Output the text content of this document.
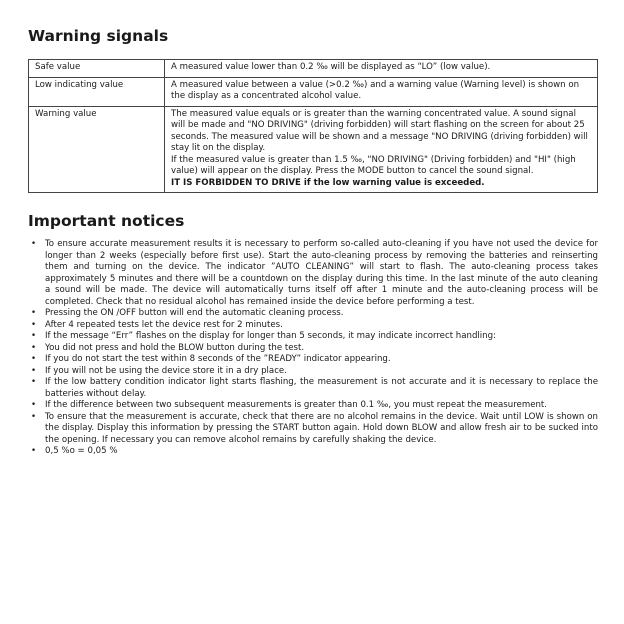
Warning signals
Safe value	A measured value lower than 0.2 ‰ will be displayed as “LO” (low value).

Low indicating value	A measured value between a value (>0.2 ‰) and a warning value (Warning level) is shown on the display as a concentrated alcohol value.

Warning value	The measured value equals or is greater than the warning concentrated value. A sound signal will be made and "NO DRIVING" (driving forbidden) will start flashing on the screen for about 25 seconds. The measured value will be shown and a message "NO DRIVING (driving forbidden) will stay lit on the display.
If the measured value is greater than 1.5 ‰, "NO DRIVING" (Driving forbidden) and "HI" (high value) will appear on the display. Press the MODE button to cancel the sound signal.
IT IS FORBIDDEN TO DRIVE if the low warning value is exceeded.
Important notices
• To ensure accurate measurement results it is necessary to perform so-called auto-cleaning if you have not used the device for longer than 2 weeks (especially before first use). Start the auto-cleaning process by removing the batteries and reinserting them and turning on the device. The indicator ”AUTO CLEANING” will start to flash. The auto-cleaning process takes approximately 5 minutes and there will be a countdown on the display during this time. In the last minute of the auto cleaning a sound will be made. The device will automatically turns itself off after 1 minute and the auto-cleaning process will be completed. Check that no residual alcohol has remained inside the device before performing a test.
• Pressing the ON /OFF button will end the automatic cleaning process.
• After 4 repeated tests let the device rest for 2 minutes.
• If the message “Err” flashes on the display for longer than 5 seconds, it may indicate incorrect handling:
• You did not press and hold the BLOW button during the test.
• If you do not start the test within 8 seconds of the ”READY” indicator appearing.
• If you will not be using the device store it in a dry place.
• If the low battery condition indicator light starts flashing, the measurement is not accurate and it is necessary to replace the batteries without delay.
• If the difference between two subsequent measurements is greater than 0.1 ‰, you must repeat the measurement.
• To ensure that the measurement is accurate, check that there are no alcohol remains in the device. Wait until LOW is shown on the display. Display this information by pressing the START button again. Hold down BLOW and allow fresh air to be sucked into the opening. If necessary you can remove alcohol remains by carefully shaking the device.
• 0,5 %o = 0,05 %
